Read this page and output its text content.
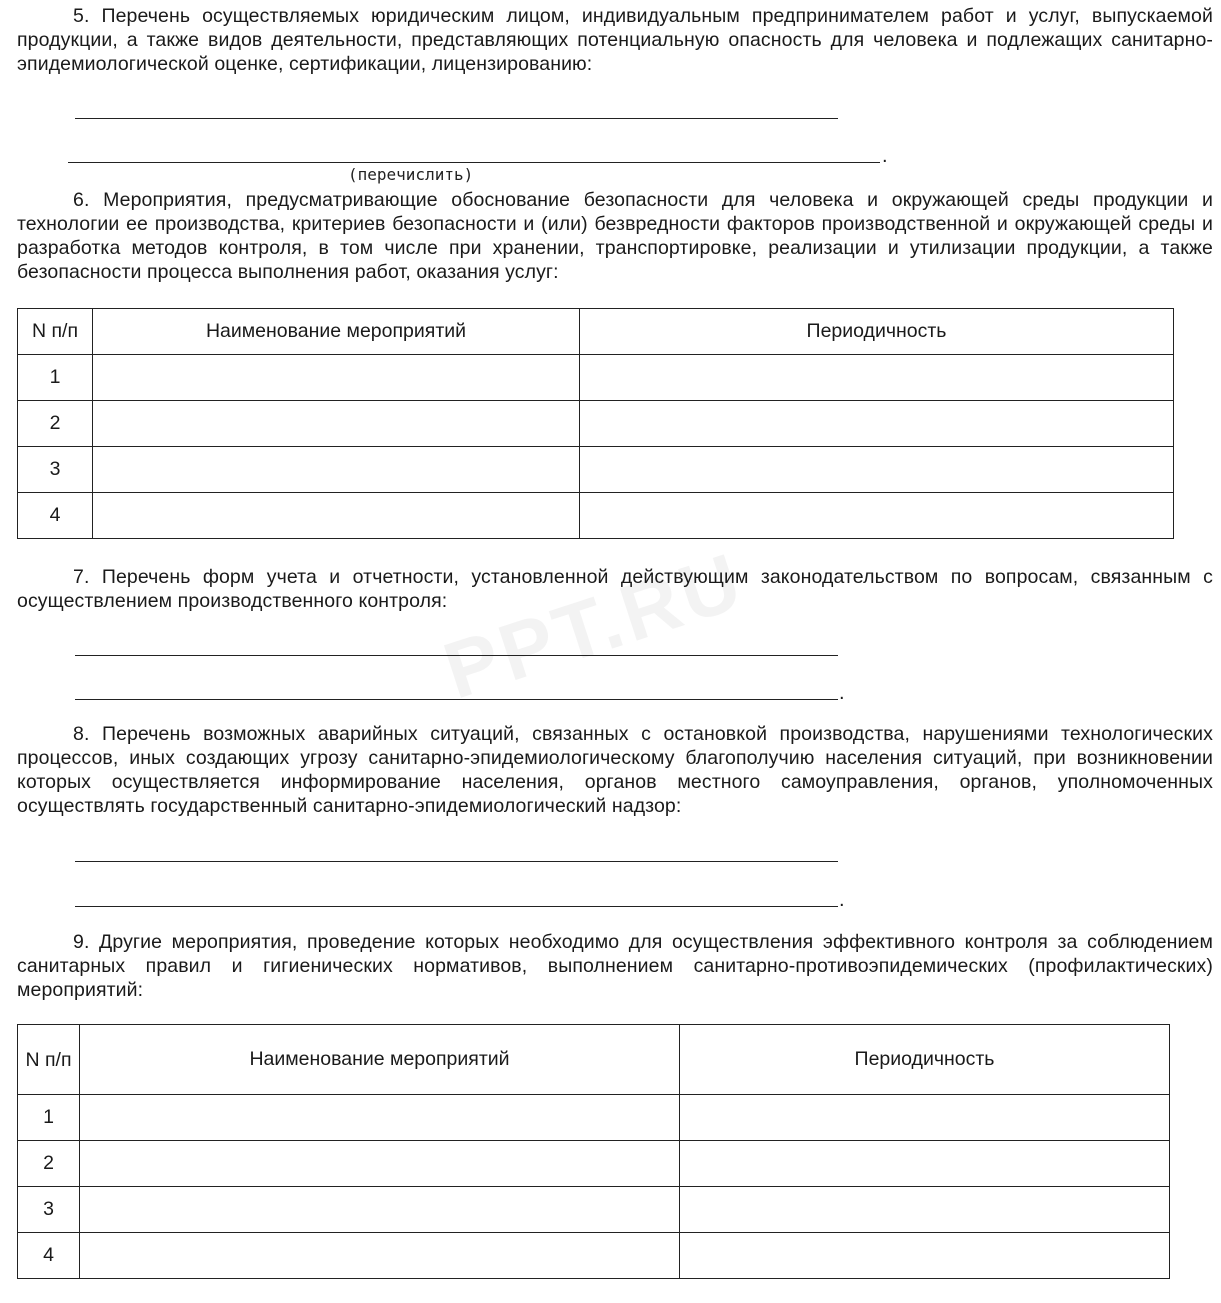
PPT.RU

5. Перечень осуществляемых юридическим лицом, индивидуальным предпринимателем работ и услуг, выпускаемой продукции, а также видов деятельности, представляющих потенциальную опасность для человека и подлежащих санитарно-эпидемиологической оценке, сертификации, лицензированию:

.
(перечислить)

6. Мероприятия, предусматривающие обоснование безопасности для человека и окружающей среды продукции и технологии ее производства, критериев безопасности и (или) безвредности факторов производственной и окружающей среды и разработка методов контроля, в том числе при хранении, транспортировке, реализации и утилизации продукции, а также безопасности процесса выполнения работ, оказания услуг:

N п/п	Наименование мероприятий	Периодичность
1		
2		
3		
4		

7. Перечень форм учета и отчетности, установленной действующим законодательством по вопросам, связанным с осуществлением производственного контроля:

.

8. Перечень возможных аварийных ситуаций, связанных с остановкой производства, нарушениями технологических процессов, иных создающих угрозу санитарно-эпидемиологическому благополучию населения ситуаций, при возникновении которых осуществляется информирование населения, органов местного самоуправления, органов, уполномоченных осуществлять государственный санитарно-эпидемиологический надзор:

.

9. Другие мероприятия, проведение которых необходимо для осуществления эффективного контроля за соблюдением санитарных правил и гигиенических нормативов, выполнением санитарно-противоэпидемических (профилактических) мероприятий:

N п/п	Наименование мероприятий	Периодичность
1		
2		
3		
4		
